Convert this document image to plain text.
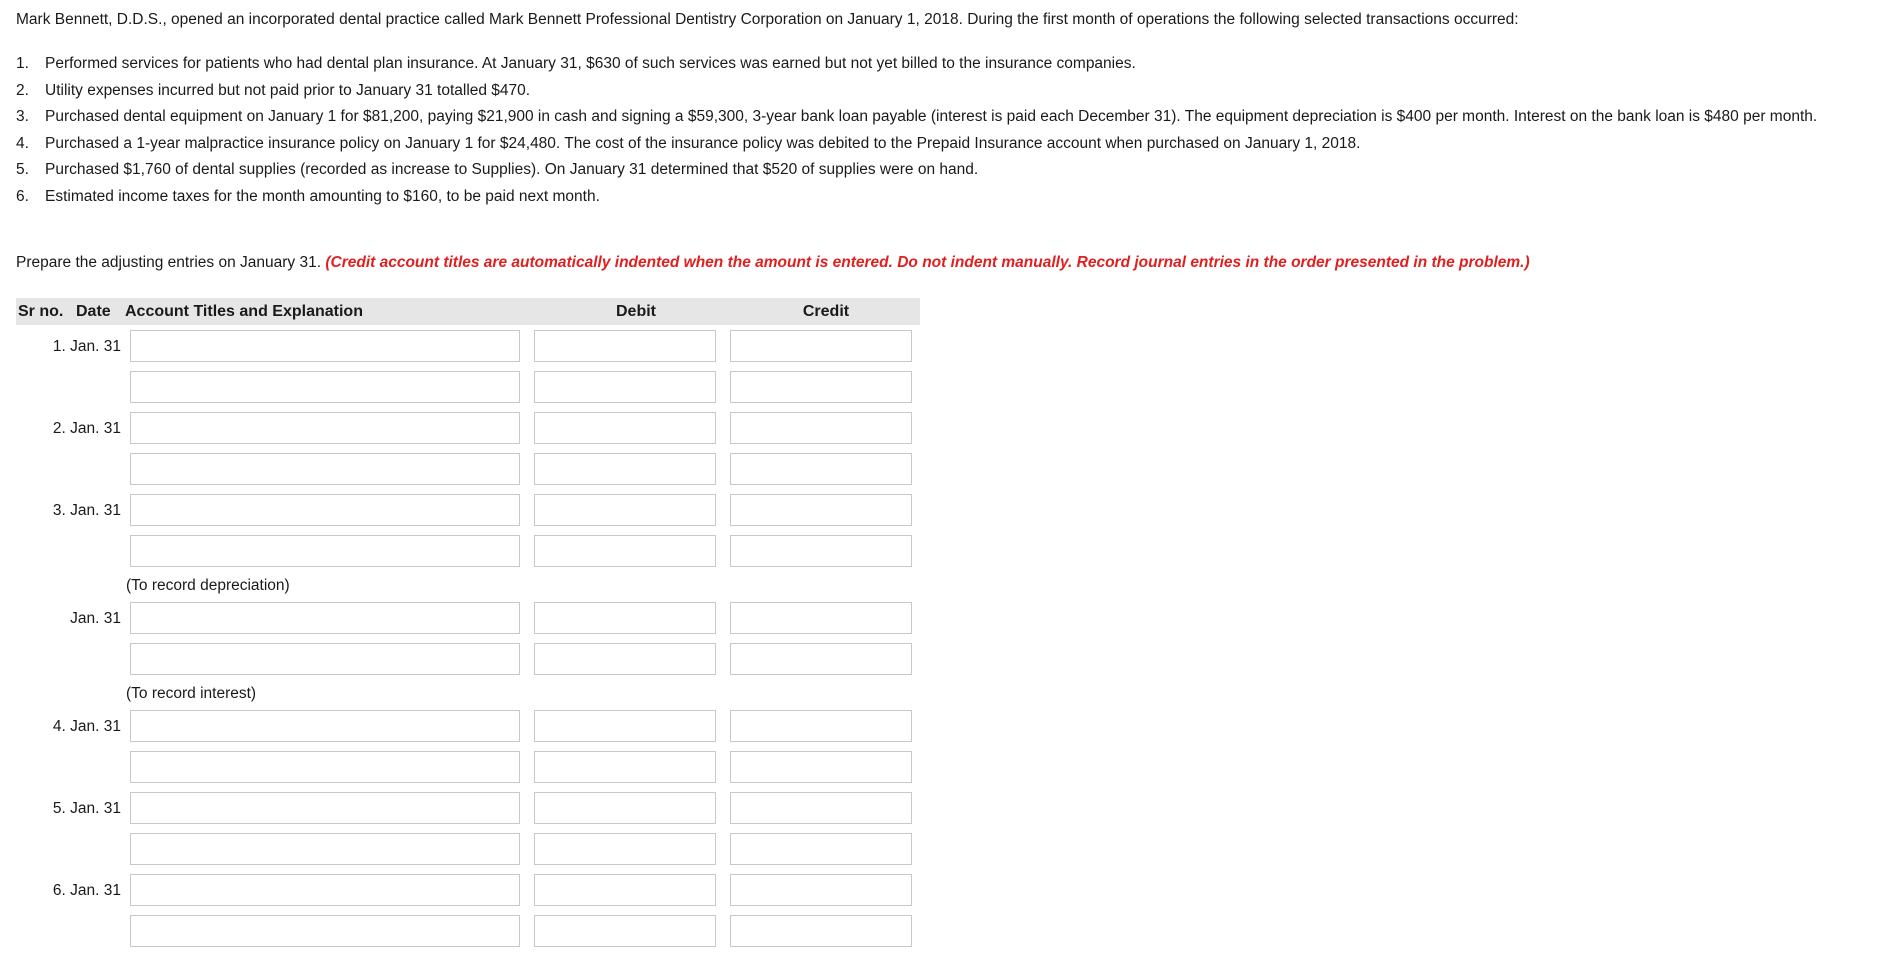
Mark Bennett, D.D.S., opened an incorporated dental practice called Mark Bennett Professional Dentistry Corporation on January 1, 2018. During the first month of operations the following selected transactions occurred:
1. Performed services for patients who had dental plan insurance. At January 31, $630 of such services was earned but not yet billed to the insurance companies.
2. Utility expenses incurred but not paid prior to January 31 totalled $470.
3. Purchased dental equipment on January 1 for $81,200, paying $21,900 in cash and signing a $59,300, 3-year bank loan payable (interest is paid each December 31). The equipment depreciation is $400 per month. Interest on the bank loan is $480 per month.
4. Purchased a 1-year malpractice insurance policy on January 1 for $24,480. The cost of the insurance policy was debited to the Prepaid Insurance account when purchased on January 1, 2018.
5. Purchased $1,760 of dental supplies (recorded as increase to Supplies). On January 31 determined that $520 of supplies were on hand.
6. Estimated income taxes for the month amounting to $160, to be paid next month.
Prepare the adjusting entries on January 31. (Credit account titles are automatically indented when the amount is entered. Do not indent manually. Record journal entries in the order presented in the problem.)
Sr no. Date Account Titles and Explanation	Debit	Credit
1. Jan. 31
2. Jan. 31
3. Jan. 31
(To record depreciation)
Jan. 31
(To record interest)
4. Jan. 31
5. Jan. 31
6. Jan. 31
